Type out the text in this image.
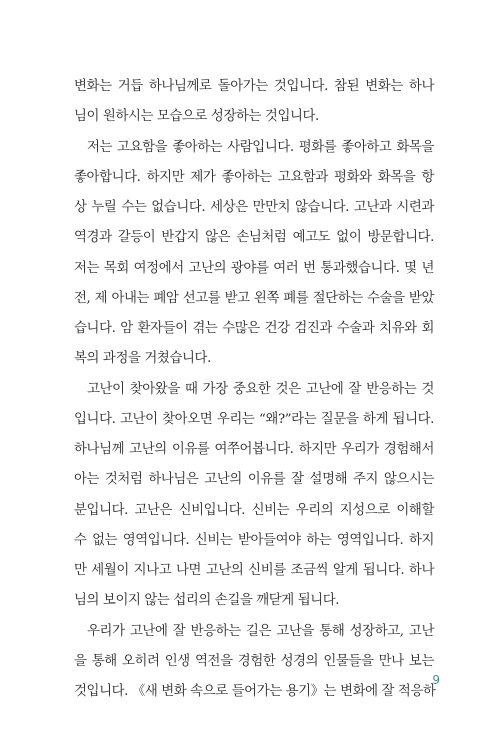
변화는 거듭 하나님께로 돌아가는 것입니다. 참된 변화는 하나
님이 원하시는 모습으로 성장하는 것입니다.
저는 고요함을 좋아하는 사람입니다. 평화를 좋아하고 화목을
좋아합니다. 하지만 제가 좋아하는 고요함과 평화와 화목을 항
상 누릴 수는 없습니다. 세상은 만만치 않습니다. 고난과 시련과
역경과 갈등이 반갑지 않은 손님처럼 예고도 없이 방문합니다.
저는 목회 여정에서 고난의 광야를 여러 번 통과했습니다. 몇 년
전, 제 아내는 폐암 선고를 받고 왼쪽 폐를 절단하는 수술을 받았
습니다. 암 환자들이 겪는 수많은 건강 검진과 수술과 치유와 회
복의 과정을 거쳤습니다.
고난이 찾아왔을 때 가장 중요한 것은 고난에 잘 반응하는 것
입니다. 고난이 찾아오면 우리는 “왜?”라는 질문을 하게 됩니다.
하나님께 고난의 이유를 여쭈어봅니다. 하지만 우리가 경험해서
아는 것처럼 하나님은 고난의 이유를 잘 설명해 주지 않으시는
분입니다. 고난은 신비입니다. 신비는 우리의 지성으로 이해할
수 없는 영역입니다. 신비는 받아들여야 하는 영역입니다. 하지
만 세월이 지나고 나면 고난의 신비를 조금씩 알게 됩니다. 하나
님의 보이지 않는 섭리의 손길을 깨닫게 됩니다.
우리가 고난에 잘 반응하는 길은 고난을 통해 성장하고, 고난
을 통해 오히려 인생 역전을 경험한 성경의 인물들을 만나 보는
것입니다. 《새 변화 속으로 들어가는 용기》는 변화에 잘 적응하
9
